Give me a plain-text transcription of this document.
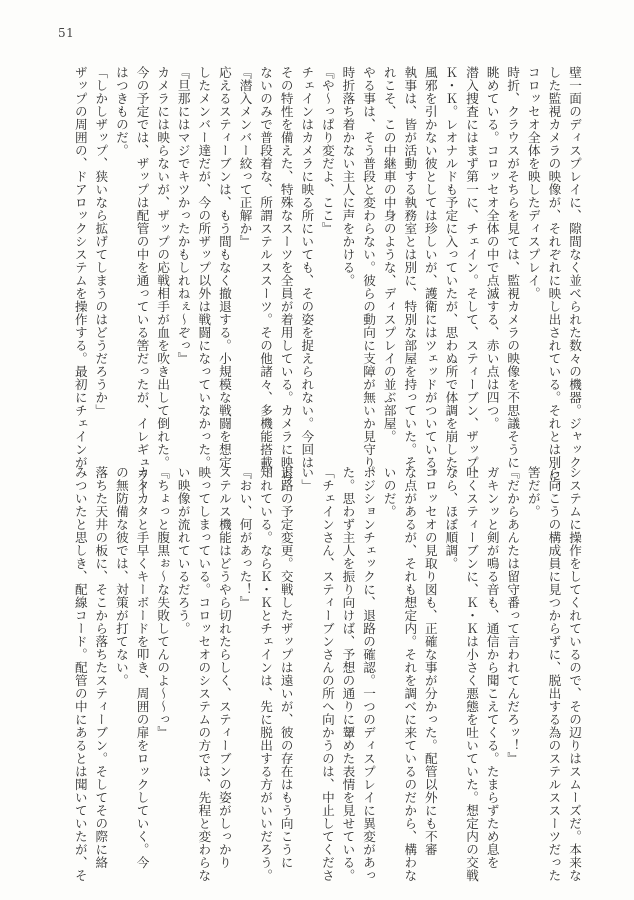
51
壁一面のディスプレイに、隙間なく並べられた数々の機器。ジャック
した監視カメラの映像が、それぞれに映し出されている。それとは別に、
コロッセオ全体を映したディスプレイ。
時折、クラウスがそちらを見ては、監視カメラの映像を不思議そうに
眺めている。コロッセオ全体の中で点滅する、赤い点は四つ。
潜入捜査にはまず第一に、チェイン。そして、スティーブン、ザップ、
Ｋ・Ｋ。レオナルドも予定に入っていたが、思わぬ所で体調を崩した。
風邪を引かない彼としては珍しいが、護衛にはツェッドがついている。
執事は、皆が活動する執務室とは別に、特別な部屋を持っていた。そ
れこそ、この中継車の中身のような、ディスプレイの並ぶ部屋。
やる事は、そう普段と変わらない。彼らの動向に支障が無いか見守り、
時折落ち着かない主人に声をかける。
『や〜っぱり変だよ、ここ』
チェインはカメラに映る所にいても、その姿を捉えられない。今回は
その特性を備えた、特殊なスーツを全員が着用している。カメラに映ら
ないのみで普段着な、所謂ステルススーツ。その他諸々、多機能搭載。
『潜入メンバー絞って正解か』
応えるスティーブンは、もう間もなく撤退する。小規模な戦闘を想定
したメンバー達だが、今の所ザップ以外は戦闘になっていなかった。
『旦那にはマジでキツかったかもしれねぇ〜ぞっ』
カメラには映らないが、ザップの応戦相手が血を吹き出して倒れた。
今の予定では、ザップは配管の中を通っている筈だったが、イレギュラー
はつきものだ。
「しかしザップ、狭いなら拡げてしまうのはどうだろうか」
ザップの周囲の、ドアロックシステムを操作する。最初にチェインが
システムに操作をしてくれているので、その辺りはスムーズだ。本来な
ら向こうの構成員に見つからずに、脱出する為のステルススーツだった
筈だが。
『だからあんたは留守番って言われてんだろッ！』
ガキンッと剣が鳴る音も、通信から聞こえてくる。たまらずため息を
吐くスティーブンに、Ｋ・Ｋは小さく悪態を吐いていた。想定内の交戦
なら、ほぼ順調。
コロッセオの見取り図も、正確な事が分かった。配管以外にも不審
な点があるが、それも想定内。それを調べに来ているのだから、構わな
いのだ。
ポジションチェックに、退路の確認。一つのディスプレイに異変があっ
た。思わず主人を振り向けば、予想の通りに顰めた表情を見せている。
「チェインさん、スティーブンさんの所へ向かうのは、中止してくださ
い」
退路の予定変更。交戦したザップは遠いが、彼の存在はもう向こうに
知れている。ならＫ・Ｋとチェインは、先に脱出する方がいいだろう。
『おい、何があった！』
ステルス機能はどうやら切れたらしく、スティーブンの姿がしっかり
映ってしまっている。コロッセオのシステムの方では、先程と変わらな
い映像が流れているだろう。
『ちょっと腹黒ぉ〜な失敗してんのよ〜〜っ』
カタカタと手早くキーボードを叩き、周囲の扉をロックしていく。今
の無防備な彼では、対策が打てない。
落ちた天井の板に、そこから落ちたスティーブン。そしてその際に絡
みついたと思しき、配線コード。配管の中にあるとは聞いていたが、そ
